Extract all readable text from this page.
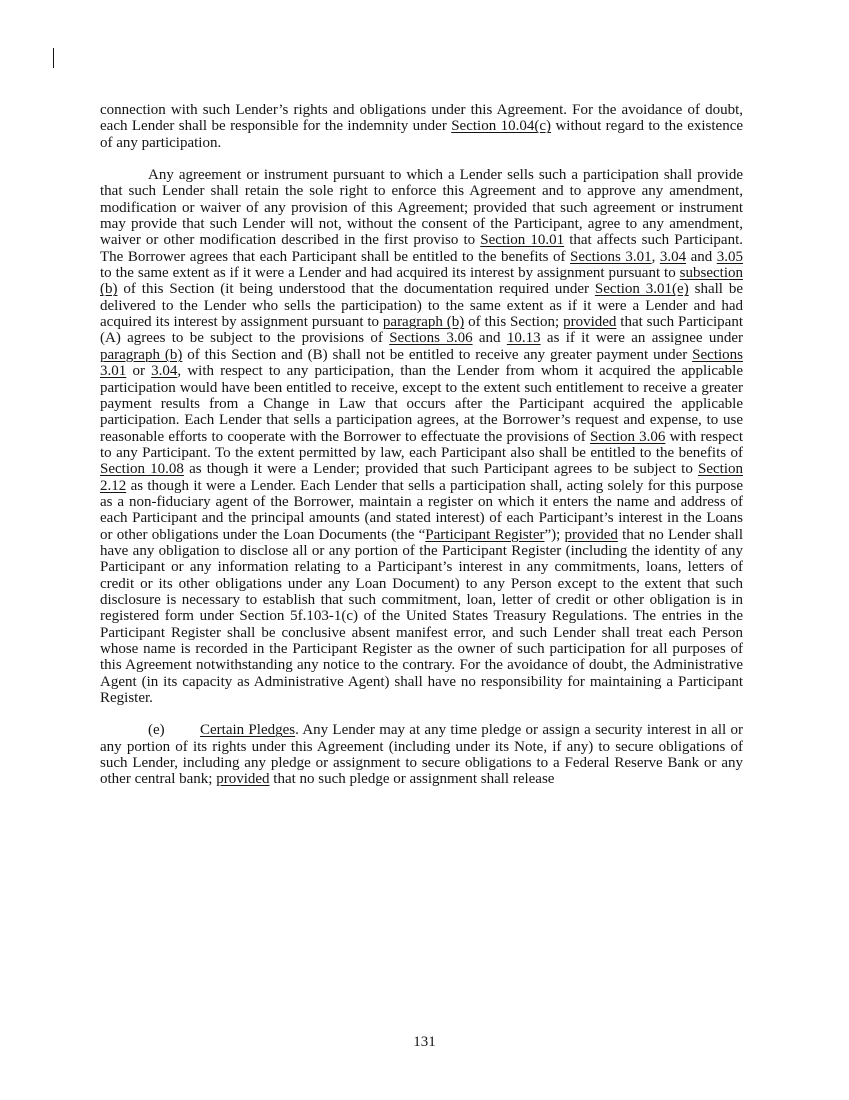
connection with such Lender’s rights and obligations under this Agreement. For the avoidance of doubt, each Lender shall be responsible for the indemnity under Section 10.04(c) without regard to the existence of any participation.

Any agreement or instrument pursuant to which a Lender sells such a participation shall provide that such Lender shall retain the sole right to enforce this Agreement and to approve any amendment, modification or waiver of any provision of this Agreement; provided that such agreement or instrument may provide that such Lender will not, without the consent of the Participant, agree to any amendment, waiver or other modification described in the first proviso to Section 10.01 that affects such Participant. The Borrower agrees that each Participant shall be entitled to the benefits of Sections 3.01, 3.04 and 3.05 to the same extent as if it were a Lender and had acquired its interest by assignment pursuant to subsection (b) of this Section (it being understood that the documentation required under Section 3.01(e) shall be delivered to the Lender who sells the participation) to the same extent as if it were a Lender and had acquired its interest by assignment pursuant to paragraph (b) of this Section; provided that such Participant (A) agrees to be subject to the provisions of Sections 3.06 and 10.13 as if it were an assignee under paragraph (b) of this Section and (B) shall not be entitled to receive any greater payment under Sections 3.01 or 3.04, with respect to any participation, than the Lender from whom it acquired the applicable participation would have been entitled to receive, except to the extent such entitlement to receive a greater payment results from a Change in Law that occurs after the Participant acquired the applicable participation. Each Lender that sells a participation agrees, at the Borrower’s request and expense, to use reasonable efforts to cooperate with the Borrower to effectuate the provisions of Section 3.06 with respect to any Participant. To the extent permitted by law, each Participant also shall be entitled to the benefits of Section 10.08 as though it were a Lender; provided that such Participant agrees to be subject to Section 2.12 as though it were a Lender. Each Lender that sells a participation shall, acting solely for this purpose as a non-fiduciary agent of the Borrower, maintain a register on which it enters the name and address of each Participant and the principal amounts (and stated interest) of each Participant’s interest in the Loans or other obligations under the Loan Documents (the “Participant Register”); provided that no Lender shall have any obligation to disclose all or any portion of the Participant Register (including the identity of any Participant or any information relating to a Participant’s interest in any commitments, loans, letters of credit or its other obligations under any Loan Document) to any Person except to the extent that such disclosure is necessary to establish that such commitment, loan, letter of credit or other obligation is in registered form under Section 5f.103-1(c) of the United States Treasury Regulations. The entries in the Participant Register shall be conclusive absent manifest error, and such Lender shall treat each Person whose name is recorded in the Participant Register as the owner of such participation for all purposes of this Agreement notwithstanding any notice to the contrary. For the avoidance of doubt, the Administrative Agent (in its capacity as Administrative Agent) shall have no responsibility for maintaining a Participant Register.

(e) Certain Pledges. Any Lender may at any time pledge or assign a security interest in all or any portion of its rights under this Agreement (including under its Note, if any) to secure obligations of such Lender, including any pledge or assignment to secure obligations to a Federal Reserve Bank or any other central bank; provided that no such pledge or assignment shall release

131
